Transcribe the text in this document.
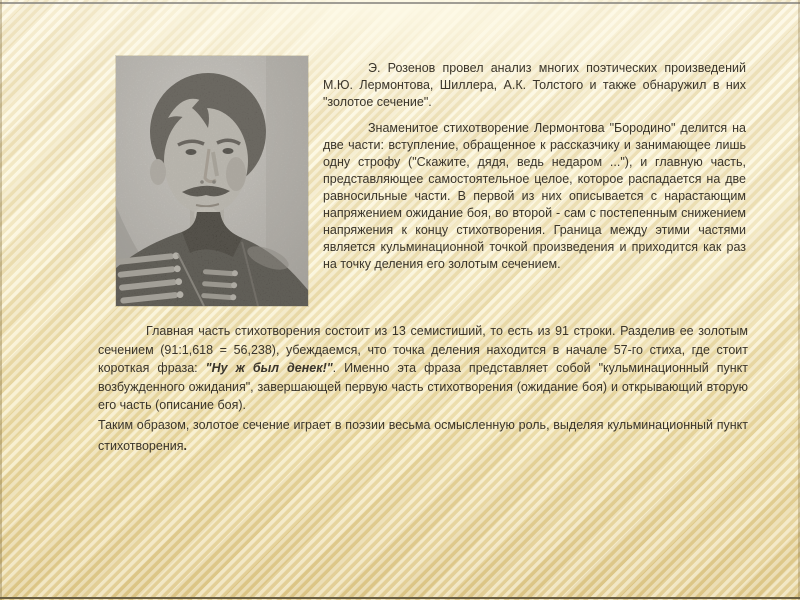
Э. Розенов провел анализ многих поэтических произведений М.Ю. Лермонтова, Шиллера, А.К. Толстого и также обнаружил в них "золотое сечение".

Знаменитое стихотворение Лермонтова "Бородино" делится на две части: вступление, обращенное к рассказчику и занимающее лишь одну строфу ("Скажите, дядя, ведь недаром ..."), и главную часть, представляющее самостоятельное целое, которое распадается на две равносильные части. В первой из них описывается с нарастающим напряжением ожидание боя, во второй - сам с постепенным снижением напряжения к концу стихотворения. Граница между этими частями является кульминационной точкой произведения и приходится как раз на точку деления его золотым сечением.

Главная часть стихотворения состоит из 13 семистиший, то есть из 91 строки. Разделив ее золотым сечением (91:1,618 = 56,238), убеждаемся, что точка деления находится в начале 57-го стиха, где стоит короткая фраза: "Ну ж был денек!". Именно эта фраза представляет собой "кульминационный пункт возбужденного ожидания", завершающей первую часть стихотворения (ожидание боя) и открывающий вторую его часть (описание боя).

Таким образом, золотое сечение играет в поэзии весьма осмысленную роль, выделяя кульминационный пункт стихотворения.
